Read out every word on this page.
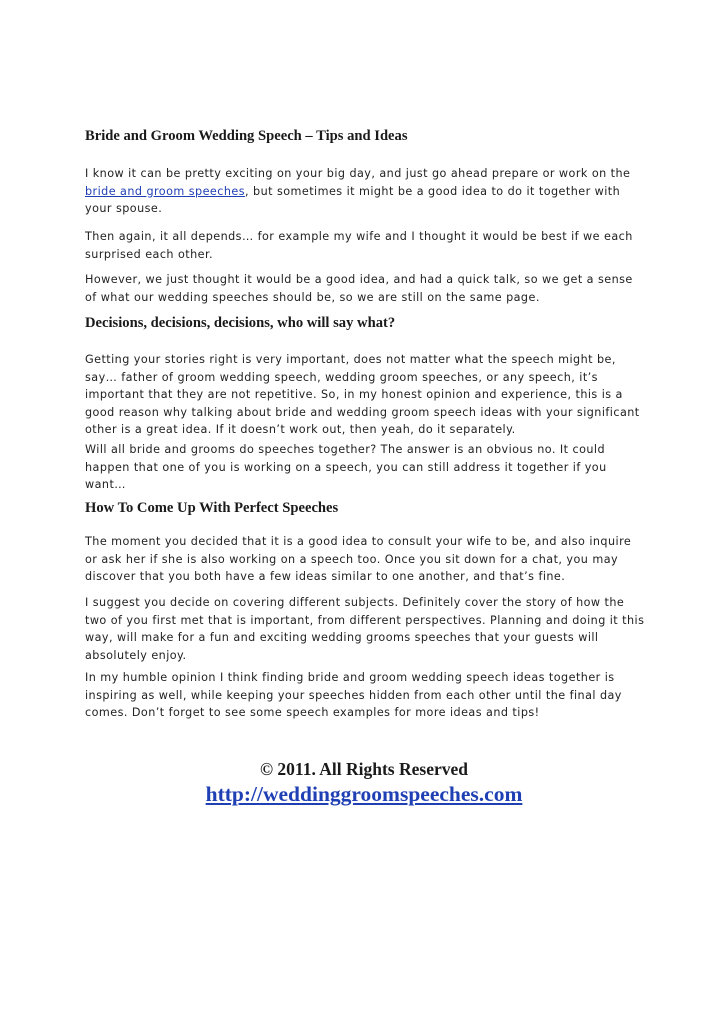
Bride and Groom Wedding Speech – Tips and Ideas

I know it can be pretty exciting on your big day, and just go ahead prepare or work on the
bride and groom speeches, but sometimes it might be a good idea to do it together with
your spouse.

Then again, it all depends… for example my wife and I thought it would be best if we each
surprised each other.

However, we just thought it would be a good idea, and had a quick talk, so we get a sense
of what our wedding speeches should be, so we are still on the same page.

Decisions, decisions, decisions, who will say what?

Getting your stories right is very important, does not matter what the speech might be,
say… father of groom wedding speech, wedding groom speeches, or any speech, it’s
important that they are not repetitive. So, in my honest opinion and experience, this is a
good reason why talking about bride and wedding groom speech ideas with your significant
other is a great idea. If it doesn’t work out, then yeah, do it separately.

Will all bride and grooms do speeches together? The answer is an obvious no. It could
happen that one of you is working on a speech, you can still address it together if you
want…

How To Come Up With Perfect Speeches

The moment you decided that it is a good idea to consult your wife to be, and also inquire
or ask her if she is also working on a speech too. Once you sit down for a chat, you may
discover that you both have a few ideas similar to one another, and that’s fine.

I suggest you decide on covering different subjects. Definitely cover the story of how the
two of you first met that is important, from different perspectives. Planning and doing it this
way, will make for a fun and exciting wedding grooms speeches that your guests will
absolutely enjoy.

In my humble opinion I think finding bride and groom wedding speech ideas together is
inspiring as well, while keeping your speeches hidden from each other until the final day
comes. Don’t forget to see some speech examples for more ideas and tips!

© 2011. All Rights Reserved

http://weddinggroomspeeches.com
